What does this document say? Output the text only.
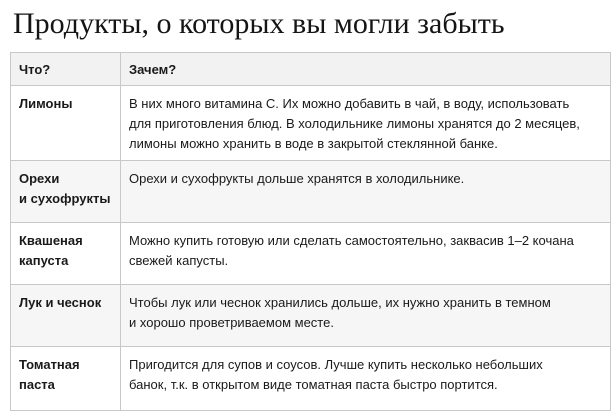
Продукты, о которых вы могли забыть
Что?	Зачем?

Лимоны	В них много витамина C. Их можно добавить в чай, в воду, использовать
для приготовления блюд. В холодильнике лимоны хранятся до 2 месяцев,
лимоны можно хранить в воде в закрытой стеклянной банке.

Орехи
и сухофрукты	Орехи и сухофрукты дольше хранятся в холодильнике.

Квашеная
капуста	Можно купить готовую или сделать самостоятельно, заквасив 1–2 кочана
свежей капусты.

Лук и чеснок	Чтобы лук или чеснок хранились дольше, их нужно хранить в темном
и хорошо проветриваемом месте.

Томатная
паста	Пригодится для супов и соусов. Лучше купить несколько небольших
банок, т.к. в открытом виде томатная паста быстро портится.
